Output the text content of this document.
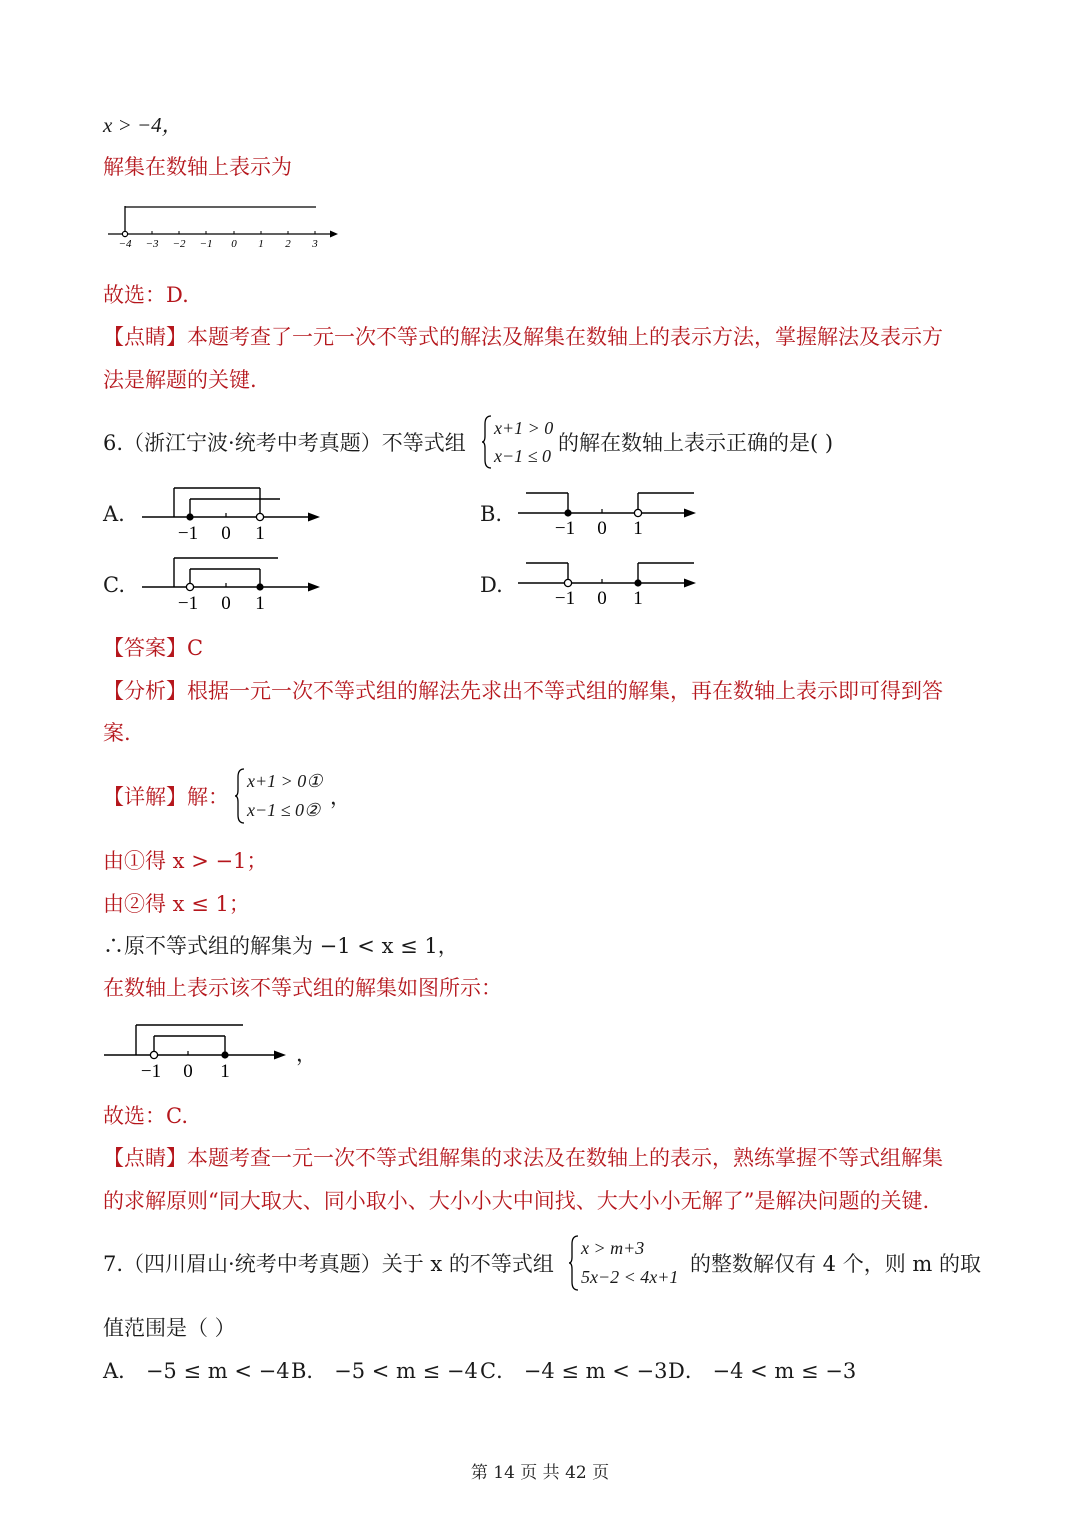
x > −4，
解集在数轴上表示为
−4 −3 −2 −1 0 1 2 3
故选：D.
【点睛】本题考查了一元一次不等式的解法及解集在数轴上的表示方法，掌握解法及表示方
法是解题的关键.
6.（浙江宁波·统考中考真题）不等式组
x+1 > 0
x−1 ≤ 0
的解在数轴上表示正确的是( )
A.
−1 0 1
B.
−1 0 1
C.
−1 0 1
D.
−1 0 1
【答案】C
【分析】根据一元一次不等式组的解法先求出不等式组的解集，再在数轴上表示即可得到答
案.
【详解】解：
x+1 > 0①
x−1 ≤ 0②
，
由①得 x > −1；
由②得 x ≤ 1；
∴原不等式组的解集为 −1 < x ≤ 1，
在数轴上表示该不等式组的解集如图所示：
−1 0 1
，
故选：C.
【点睛】本题考查一元一次不等式组解集的求法及在数轴上的表示，熟练掌握不等式组解集
的求解原则“同大取大、同小取小、大小小大中间找、大大小小无解了”是解决问题的关键.
7.（四川眉山·统考中考真题）关于 x 的不等式组
x > m+3
5x−2 < 4x+1
的整数解仅有 4 个，则 m 的取
值范围是（ ）
A． −5 ≤ m < −4 B． −5 < m ≤ −4 C． −4 ≤ m < −3 D． −4 < m ≤ −3
第 14 页 共 42 页
